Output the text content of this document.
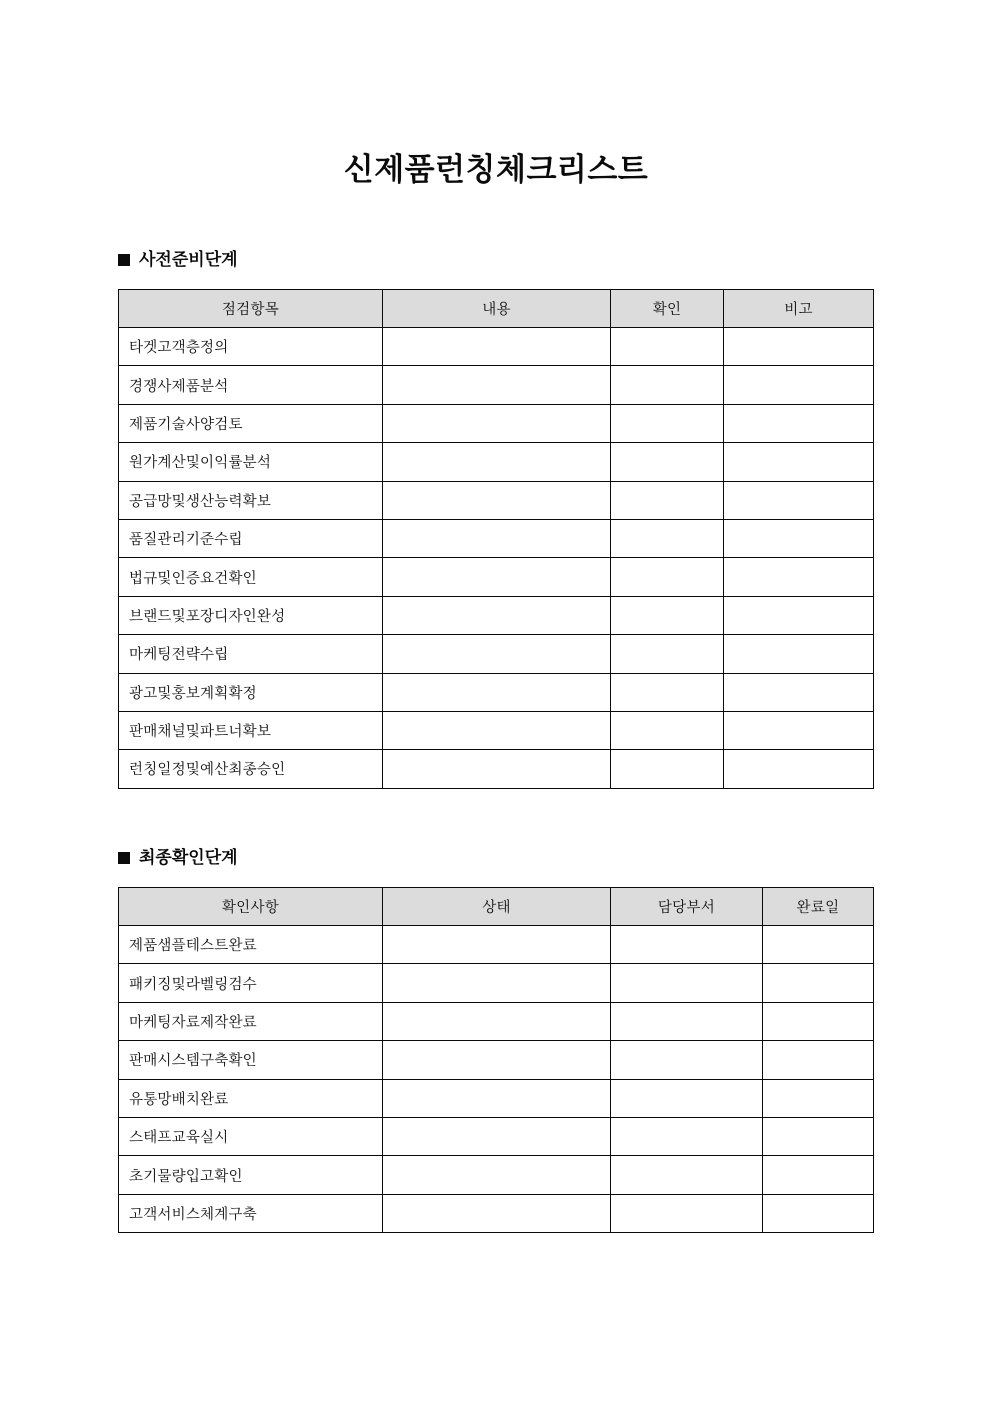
신제품런칭체크리스트
사전준비단계
점검항목	내용	확인	비고
타겟고객층정의			
경쟁사제품분석			
제품기술사양검토			
원가계산및이익률분석			
공급망및생산능력확보			
품질관리기준수립			
법규및인증요건확인			
브랜드및포장디자인완성			
마케팅전략수립			
광고및홍보계획확정			
판매채널및파트너확보			
런칭일정및예산최종승인			
최종확인단계
확인사항	상태	담당부서	완료일
제품샘플테스트완료			
패키징및라벨링검수			
마케팅자료제작완료			
판매시스템구축확인			
유통망배치완료			
스태프교육실시			
초기물량입고확인			
고객서비스체계구축			
